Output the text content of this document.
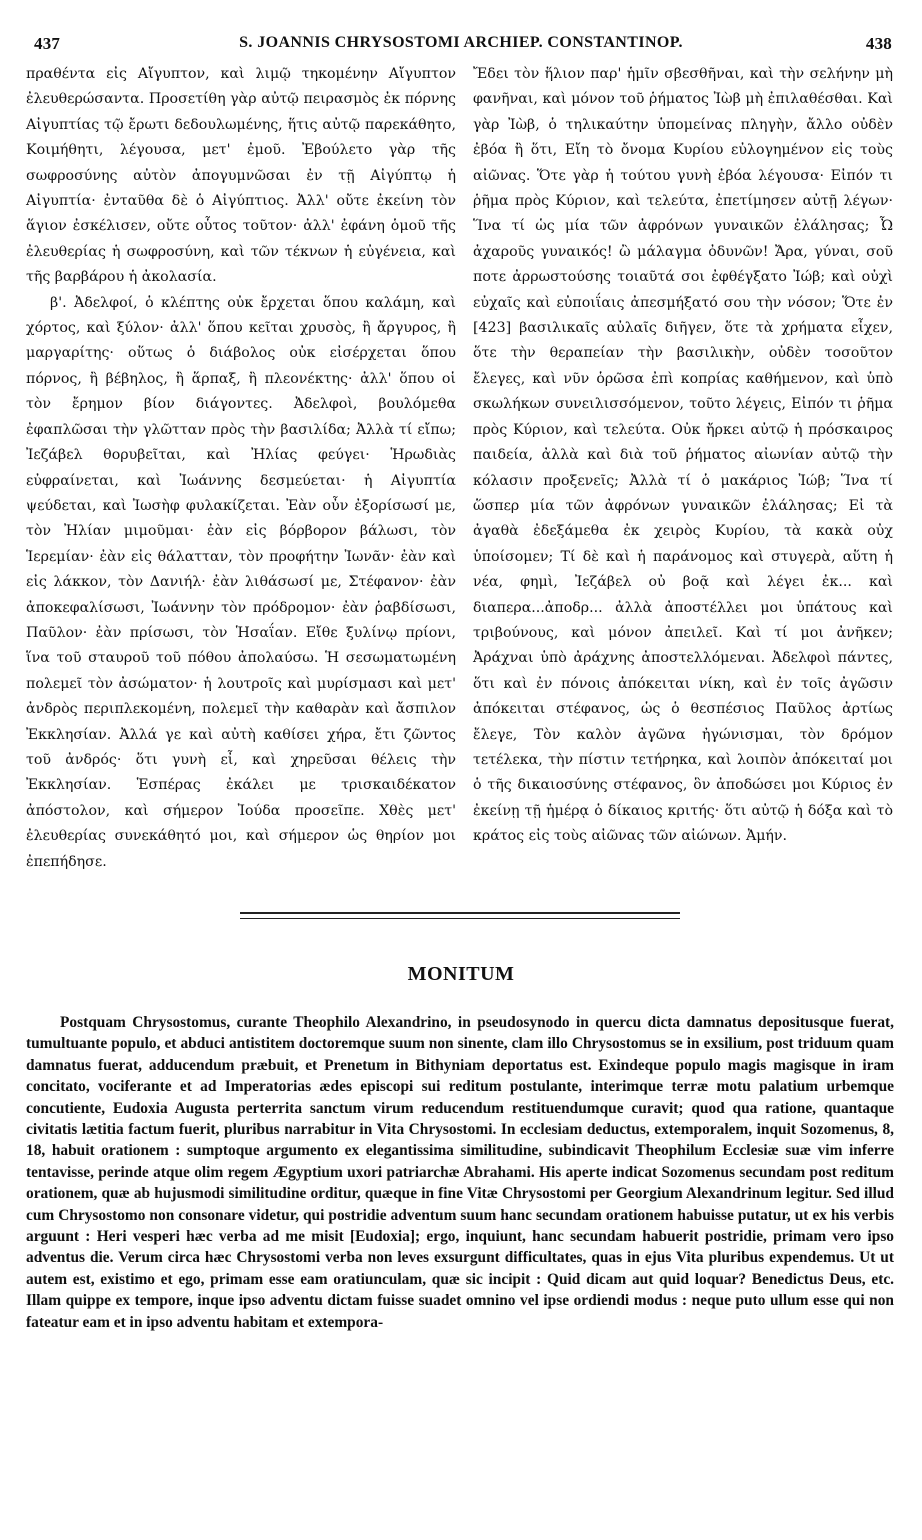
437	S. JOANNIS CHRYSOSTOMI ARCHIEP. CONSTANTINOP.	438

πραθέντα εἰς Αἴγυπτον, καὶ λιμῷ τηκομένην Αἴγυπτον ἐλευθερώσαντα. Προσετίθη γὰρ αὐτῷ πειρασμὸς ἐκ πόρνης Αἰγυπτίας τῷ ἔρωτι δεδουλωμένης, ἥτις αὐτῷ παρεκάθητο, Κοιμήθητι, λέγουσα, μετ' ἐμοῦ. Ἐβούλετο γὰρ τῆς σωφροσύνης αὐτὸν ἀπογυμνῶσαι ἐν τῇ Αἰγύπτῳ ἡ Αἰγυπτία· ἐνταῦθα δὲ ὁ Αἰγύπτιος. Ἀλλ' οὔτε ἐκείνη τὸν ἅγιον ἐσκέλισεν, οὔτε οὗτος τοῦτον· ἀλλ' ἐφάνη ὁμοῦ τῆς ἐλευθερίας ἡ σωφροσύνη, καὶ τῶν τέκνων ἡ εὐγένεια, καὶ τῆς βαρβάρου ἡ ἀκολασία.

β'. Ἀδελφοί, ὁ κλέπτης οὐκ ἔρχεται ὅπου καλάμη, καὶ χόρτος, καὶ ξύλον· ἀλλ' ὅπου κεῖται χρυσὸς, ἢ ἄργυρος, ἢ μαργαρίτης· οὕτως ὁ διάβολος οὐκ εἰσέρχεται ὅπου πόρνος, ἢ βέβηλος, ἢ ἅρπαξ, ἢ πλεονέκτης· ἀλλ' ὅπου οἱ τὸν ἔρημον βίον διάγοντες. Ἀδελφοὶ, βουλόμεθα ἐφαπλῶσαι τὴν γλῶτταν πρὸς τὴν βασιλίδα; Ἀλλὰ τί εἴπω; Ἰεζάβελ θορυβεῖται, καὶ Ἠλίας φεύγει· Ἡρωδιὰς εὐφραίνεται, καὶ Ἰωάννης δεσμεύεται· ἡ Αἰγυπτία ψεύδεται, καὶ Ἰωσὴφ φυλακίζεται. Ἐὰν οὖν ἐξορίσωσί με, τὸν Ἠλίαν μιμοῦμαι· ἐὰν εἰς βόρβορον βάλωσι, τὸν Ἱερεμίαν· ἐὰν εἰς θάλατταν, τὸν προφήτην Ἰωνᾶν· ἐὰν καὶ εἰς λάκκον, τὸν Δανιήλ· ἐὰν λιθάσωσί με, Στέφανον· ἐὰν ἀποκεφαλίσωσι, Ἰωάννην τὸν πρόδρομον· ἐὰν ῥαβδίσωσι, Παῦλον· ἐὰν πρίσωσι, τὸν Ἡσαΐαν. Εἴθε ξυλίνῳ πρίονι, ἵνα τοῦ σταυροῦ τοῦ πόθου ἀπολαύσω. Ἡ σεσωματωμένη πολεμεῖ τὸν ἀσώματον· ἡ λουτροῖς καὶ μυρίσμασι καὶ μετ' ἀνδρὸς περιπλεκομένη, πολεμεῖ τὴν καθαρὰν καὶ ἄσπιλον Ἐκκλησίαν. Ἀλλά γε καὶ αὐτὴ καθίσει χήρα, ἔτι ζῶντος τοῦ ἀνδρός· ὅτι γυνὴ εἶ, καὶ χηρεῦσαι θέλεις τὴν Ἐκκλησίαν. Ἑσπέρας ἐκάλει με τρισκαιδέκατον ἀπόστολον, καὶ σήμερον Ἰούδα προσεῖπε. Χθὲς μετ' ἐλευθερίας συνεκάθητό μοι, καὶ σήμερον ὡς θηρίον μοι ἐπεπήδησε.

Ἔδει τὸν ἥλιον παρ' ἡμῖν σβεσθῆναι, καὶ τὴν σελήνην μὴ φανῆναι, καὶ μόνον τοῦ ῥήματος Ἰὼβ μὴ ἐπιλαθέσθαι. Καὶ γὰρ Ἰὼβ, ὁ τηλικαύτην ὑπομείνας πληγὴν, ἄλλο οὐδὲν ἐβόα ἢ ὅτι, Εἴη τὸ ὄνομα Κυρίου εὐλογημένον εἰς τοὺς αἰῶνας. Ὅτε γὰρ ἡ τούτου γυνὴ ἐβόα λέγουσα· Εἰπόν τι ῥῆμα πρὸς Κύριον, καὶ τελεύτα, ἐπετίμησεν αὐτῇ λέγων· Ἵνα τί ὡς μία τῶν ἀφρόνων γυναικῶν ἐλάλησας; Ὦ ἀχαροῦς γυναικός! ὢ μάλαγμα ὀδυνῶν! Ἄρα, γύναι, σοῦ ποτε ἀρρωστούσης τοιαῦτά σοι ἐφθέγξατο Ἰώβ; καὶ οὐχὶ εὐχαῖς καὶ εὐποιΐαις ἀπεσμήξατό σου τὴν νόσον; Ὅτε ἐν [423] βασιλικαῖς αὐλαῖς διῆγεν, ὅτε τὰ χρήματα εἶχεν, ὅτε τὴν θεραπείαν τὴν βασιλικὴν, οὐδὲν τοσοῦτον ἔλεγες, καὶ νῦν ὁρῶσα ἐπὶ κοπρίας καθήμενον, καὶ ὑπὸ σκωλήκων συνειλισσόμενον, τοῦτο λέγεις, Εἰπόν τι ῥῆμα πρὸς Κύριον, καὶ τελεύτα. Οὐκ ἤρκει αὐτῷ ἡ πρόσκαιρος παιδεία, ἀλλὰ καὶ διὰ τοῦ ῥήματος αἰωνίαν αὐτῷ τὴν κόλασιν προξενεῖς; Ἀλλὰ τί ὁ μακάριος Ἰώβ; Ἵνα τί ὥσπερ μία τῶν ἀφρόνων γυναικῶν ἐλάλησας; Εἰ τὰ ἀγαθὰ ἐδεξάμεθα ἐκ χειρὸς Κυρίου, τὰ κακὰ οὐχ ὑποίσομεν; Τί δὲ καὶ ἡ παράνομος καὶ στυγερὰ, αὕτη ἡ νέα, φημὶ, Ἰεζάβελ οὐ βοᾷ καὶ λέγει ἐκ... καὶ διαπερα...ἀποδρ... ἀλλὰ ἀποστέλλει μοι ὑπάτους καὶ τριβούνους, καὶ μόνον ἀπειλεῖ. Καὶ τί μοι ἀνῆκεν; Ἀράχναι ὑπὸ ἀράχνης ἀποστελλόμεναι. Ἀδελφοὶ πάντες, ὅτι καὶ ἐν πόνοις ἀπόκειται νίκη, καὶ ἐν τοῖς ἀγῶσιν ἀπόκειται στέφανος, ὡς ὁ θεσπέσιος Παῦλος ἀρτίως ἔλεγε, Τὸν καλὸν ἀγῶνα ἠγώνισμαι, τὸν δρόμον τετέλεκα, τὴν πίστιν τετήρηκα, καὶ λοιπὸν ἀπόκειταί μοι ὁ τῆς δικαιοσύνης στέφανος, ὃν ἀποδώσει μοι Κύριος ἐν ἐκείνῃ τῇ ἡμέρᾳ ὁ δίκαιος κριτής· ὅτι αὐτῷ ἡ δόξα καὶ τὸ κράτος εἰς τοὺς αἰῶνας τῶν αἰώνων. Ἀμήν.

MONITUM

Postquam Chrysostomus, curante Theophilo Alexandrino, in pseudosynodo in quercu dicta damnatus depositusque fuerat, tumultuante populo, et abduci antistitem doctoremque suum non sinente, clam illo Chrysostomus se in exsilium, post triduum quam damnatus fuerat, adducendum præbuit, et Prenetum in Bithyniam deportatus est. Exindeque populo magis magisque in iram concitato, vociferante et ad Imperatorias ædes episcopi sui reditum postulante, interimque terræ motu palatium urbemque concutiente, Eudoxia Augusta perterrita sanctum virum reducendum restituendumque curavit; quod qua ratione, quantaque civitatis lætitia factum fuerit, pluribus narrabitur in Vita Chrysostomi. In ecclesiam deductus, extemporalem, inquit Sozomenus, 8, 18, habuit orationem : sumptoque argumento ex elegantissima similitudine, subindicavit Theophilum Ecclesiæ suæ vim inferre tentavisse, perinde atque olim regem Ægyptium uxori patriarchæ Abrahami. His aperte indicat Sozomenus secundam post reditum orationem, quæ ab hujusmodi similitudine orditur, quæque in fine Vitæ Chrysostomi per Georgium Alexandrinum legitur. Sed illud cum Chrysostomo non consonare videtur, qui postridie adventum suum hanc secundam orationem habuisse putatur, ut ex his verbis arguunt : Heri vesperi hæc verba ad me misit [Eudoxia]; ergo, inquiunt, hanc secundam habuerit postridie, primam vero ipso adventus die. Verum circa hæc Chrysostomi verba non leves exsurgunt difficultates, quas in ejus Vita pluribus expendemus. Ut ut autem est, existimo et ego, primam esse eam oratiunculam, quæ sic incipit : Quid dicam aut quid loquar? Benedictus Deus, etc. Illam quippe ex tempore, inque ipso adventu dictam fuisse suadet omnino vel ipse ordiendi modus : neque puto ullum esse qui non fateatur eam et in ipso adventu habitam et extempora-
